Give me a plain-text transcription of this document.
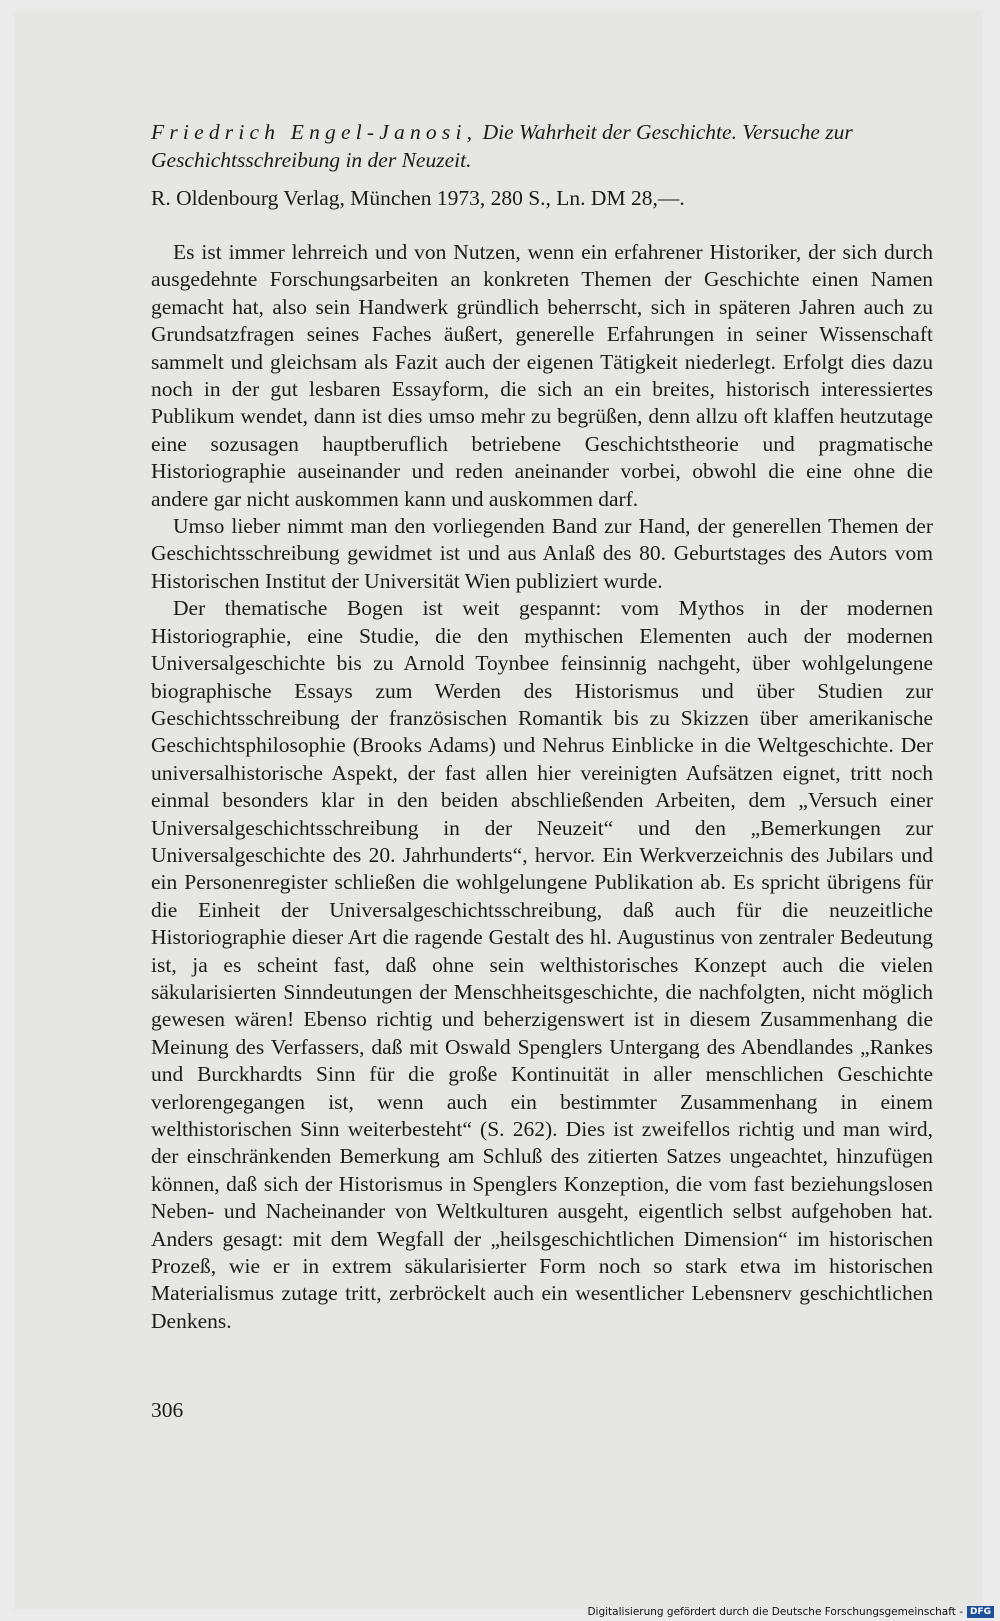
Friedrich Engel-Janosi, Die Wahrheit der Geschichte. Versuche zur Geschichtsschreibung in der Neuzeit.

R. Oldenbourg Verlag, München 1973, 280 S., Ln. DM 28,—.

Es ist immer lehrreich und von Nutzen, wenn ein erfahrener Historiker, der sich durch ausgedehnte Forschungsarbeiten an konkreten Themen der Geschichte einen Namen gemacht hat, also sein Handwerk gründlich beherrscht, sich in späteren Jahren auch zu Grundsatzfragen seines Faches äußert, generelle Erfahrungen in seiner Wissenschaft sammelt und gleichsam als Fazit auch der eigenen Tätigkeit niederlegt. Erfolgt dies dazu noch in der gut lesbaren Essayform, die sich an ein breites, historisch interessiertes Publikum wendet, dann ist dies umso mehr zu begrüßen, denn allzu oft klaffen heutzutage eine sozusagen hauptberuflich betriebene Geschichtstheorie und pragmatische Historiographie auseinander und reden aneinander vorbei, obwohl die eine ohne die andere gar nicht auskommen kann und auskommen darf.

Umso lieber nimmt man den vorliegenden Band zur Hand, der generellen Themen der Geschichtsschreibung gewidmet ist und aus Anlaß des 80. Geburtstages des Autors vom Historischen Institut der Universität Wien publiziert wurde.

Der thematische Bogen ist weit gespannt: vom Mythos in der modernen Historiographie, eine Studie, die den mythischen Elementen auch der modernen Universalgeschichte bis zu Arnold Toynbee feinsinnig nachgeht, über wohlgelungene biographische Essays zum Werden des Historismus und über Studien zur Geschichtsschreibung der französischen Romantik bis zu Skizzen über amerikanische Geschichtsphilosophie (Brooks Adams) und Nehrus Einblicke in die Weltgeschichte. Der universalhistorische Aspekt, der fast allen hier vereinigten Aufsätzen eignet, tritt noch einmal besonders klar in den beiden abschließenden Arbeiten, dem „Versuch einer Universalgeschichtsschreibung in der Neuzeit“ und den „Bemerkungen zur Universalgeschichte des 20. Jahrhunderts“, hervor. Ein Werkverzeichnis des Jubilars und ein Personenregister schließen die wohlgelungene Publikation ab. Es spricht übrigens für die Einheit der Universalgeschichtsschreibung, daß auch für die neuzeitliche Historiographie dieser Art die ragende Gestalt des hl. Augustinus von zentraler Bedeutung ist, ja es scheint fast, daß ohne sein welthistorisches Konzept auch die vielen säkularisierten Sinndeutungen der Menschheitsgeschichte, die nachfolgten, nicht möglich gewesen wären! Ebenso richtig und beherzigenswert ist in diesem Zusammenhang die Meinung des Verfassers, daß mit Oswald Spenglers Untergang des Abendlandes „Rankes und Burckhardts Sinn für die große Kontinuität in aller menschlichen Geschichte verlorengegangen ist, wenn auch ein bestimmter Zusammenhang in einem welthistorischen Sinn weiterbesteht“ (S. 262). Dies ist zweifellos richtig und man wird, der einschränkenden Bemerkung am Schluß des zitierten Satzes ungeachtet, hinzufügen können, daß sich der Historismus in Spenglers Konzeption, die vom fast beziehungslosen Neben- und Nacheinander von Weltkulturen ausgeht, eigentlich selbst aufgehoben hat. Anders gesagt: mit dem Wegfall der „heilsgeschichtlichen Dimension“ im historischen Prozeß, wie er in extrem säkularisierter Form noch so stark etwa im historischen Materialismus zutage tritt, zerbröckelt auch ein wesentlicher Lebensnerv geschichtlichen Denkens.

306
Digitalisierung gefördert durch die Deutsche Forschungsgemeinschaft - DFG
